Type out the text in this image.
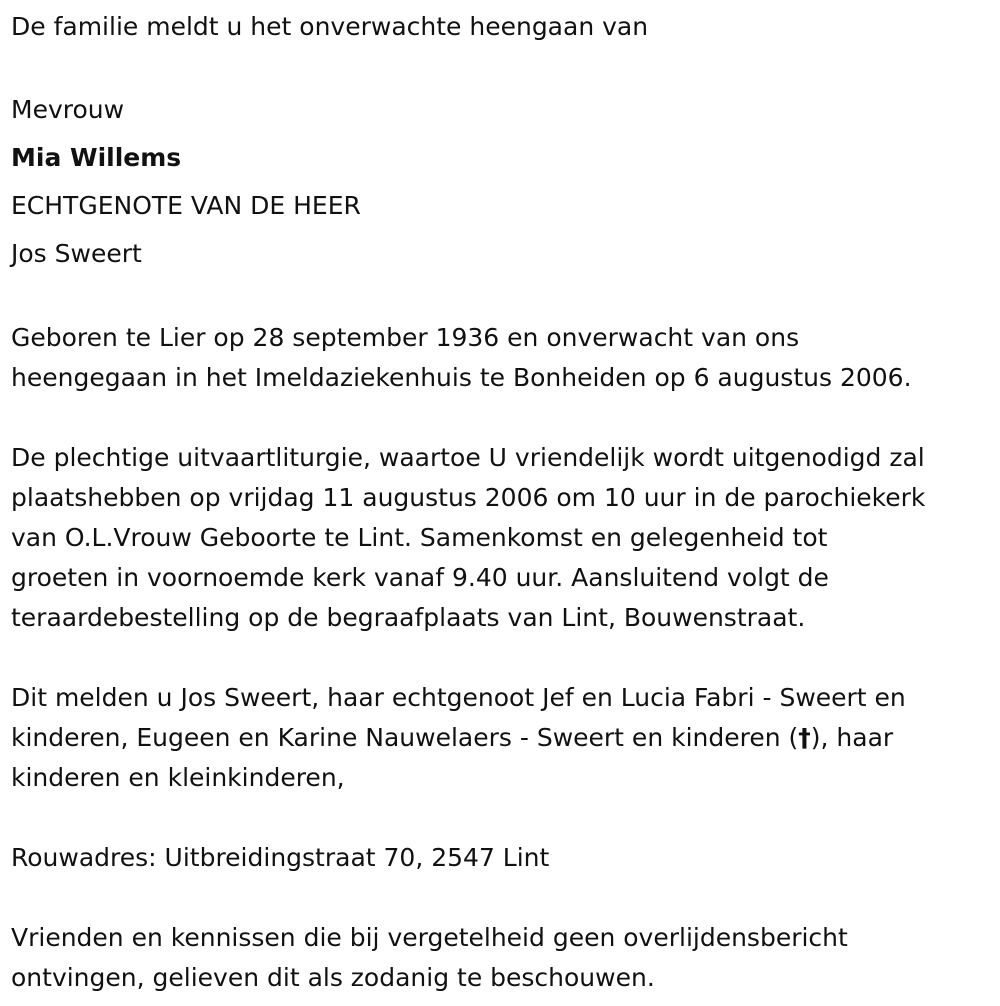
De familie meldt u het onverwachte heengaan van
Mevrouw
Mia Willems
ECHTGENOTE VAN DE HEER
Jos Sweert
Geboren te Lier op 28 september 1936 en onverwacht van ons
heengegaan in het Imeldaziekenhuis te Bonheiden op 6 augustus 2006.
De plechtige uitvaartliturgie, waartoe U vriendelijk wordt uitgenodigd zal
plaatshebben op vrijdag 11 augustus 2006 om 10 uur in de parochiekerk
van O.L.Vrouw Geboorte te Lint. Samenkomst en gelegenheid tot
groeten in voornoemde kerk vanaf 9.40 uur. Aansluitend volgt de
teraardebestelling op de begraafplaats van Lint, Bouwenstraat.
Dit melden u Jos Sweert, haar echtgenoot Jef en Lucia Fabri - Sweert en
kinderen, Eugeen en Karine Nauwelaers - Sweert en kinderen (†), haar
kinderen en kleinkinderen,
Rouwadres: Uitbreidingstraat 70, 2547 Lint
Vrienden en kennissen die bij vergetelheid geen overlijdensbericht
ontvingen, gelieven dit als zodanig te beschouwen.
